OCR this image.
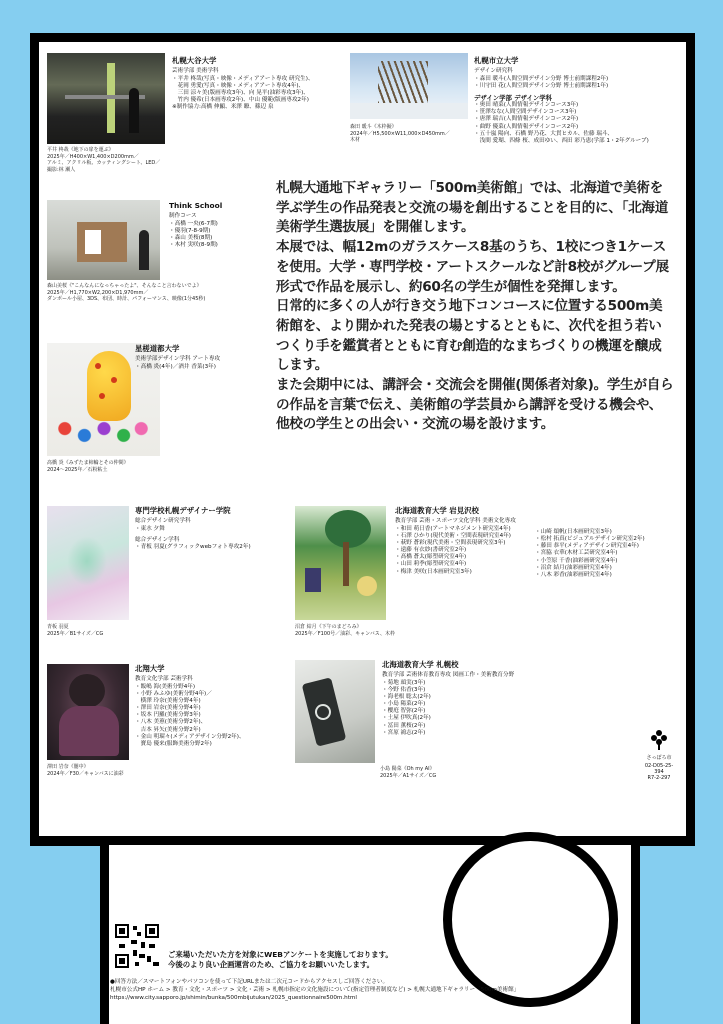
札幌大谷大学
芸術学部 美術学科
・平井 柊哉(写真・映像・メディアアート専攻 研究生)、
　花岡 勇愛(写真・映像・メディアアート専攻4年)、
　三田 涼々美(版画専攻3年)、向 晃平(油彩専攻3年)、
　竹内 優希(日本画専攻2年)、中山 優範(版画専攻2年)
※制作協力:高橋 伸顯、米澤 瞭、篠辺 泉
平井 柊哉《地下の扉を運ぶ》
2025年／H400×W1,400×D200mm／
アルミ、アクリル板、カッティングシート、LED／
撮影:林 瀬人
森田 暖斗《木枠擬》
2024年／H5,500×W11,000×D450mm／
木材
札幌市立大学
デザイン研究科
・森田 暖斗(人間空間デザイン分野 博士前期課程2年)
・川守田 花(人間空間デザイン分野 博士前期課程1年)
デザイン学部 デザイン学科
・奥田 晴菜(人間情報デザインコース3年)
・笹澤なな(人間空間デザインコース3年)
・唐澤 瑞吉(人間情報デザインコース2年)
・曲野 優菜(人間情報デザインコース2年)
・五十嵐 陽向、石橋 野乃花、大貫ヒカル、佐藤 瑞斗、
　浅間 愛瑚、四條 桜、成田ゆい、西田 彩乃恵(学部 1・2年グループ)
Think School
制作コース
・高橋 一央(6-7期)
・優羽(7-8-9期)
・森山 美桜(8期)
・木村 実咲(8-9期)
森山美桜《"こんなんになっちゃったよ"、そんなこと言わないでよ》
2025年／H1,770×W2,200×D1,970mm／
ダンボール小屋、3DS、布団、時計、パフォーマンス、映像(1分45秒)

札幌大通地下ギャラリー「500m美術館」では、北海道で美術を学ぶ学生の作品発表と交流の場を創出することを目的に、「北海道美術学生選抜展」を開催します。

本展では、幅12mのガラスケース8基のうち、1校につき1ケースを使用。大学・専門学校・アートスクールなど計8校がグループ展形式で作品を展示し、約60名の学生が個性を発揮します。

日常的に多くの人が行き交う地下コンコースに位置する500m美術館を、より開かれた発表の場とするとともに、次代を担う若いつくり手を鑑賞者とともに育む創造的なまちづくりの機運を醸成します。

また会期中には、講評会・交流会を開催(関係者対象)。学生が自らの作品を言葉で伝え、美術館の学芸員から講評を受ける機会や、他校の学生との出会い・交流の場を設けます。

星槎道都大学
美術学部デザイン学科 アート専攻
・高橋 炎(4年)／酒井 香菜(3年)
髙橋 炎《みずたま柿輪とその仲間》
2024～2025年／石粉粘土
専門学校札幌デザイナー学院
総合デザイン研究学科
・東水 夕舞
総合デザイン学科
・青板 羽夏(グラフィックwebフォト専攻2年)
青板 羽夏
2025年／B1サイズ／CG
北海道教育大学 岩見沢校
教育学部 芸術・スポーツ文化学科 美術文化専攻
・和田 萌日香(アートマネジメント研究室4年)
・石澤 ひかり(現代美術・空間表現研究室4年)
・萩野 蒼彩(現代美術・空間表現研究室3年)
・遠藤 有衣紗(書研究室2年)
・髙橋 蒼太(彫塑研究室4年)
・山田 莉季(彫塑研究室4年)
・梅津 美咲(日本画研究室3年)
・山崎 頌帆(日本画研究室3年)
・松村 拓真(ビジュアルデザイン研究室2年)
・藤田 恭平(メディアデザイン研究室4年)
・宮脇 衣華(木材工芸研究室4年)
・小笠原 千香(油彩画研究室4年)
・沼倉 結月(油彩画研究室4年)
・八木 彩香(油彩画研究室4年)
沼倉 結月《下午のまどろみ》
2025年／F100号／油彩、キャンバス、木枠
北翔大学
教育文化学部 芸術学科
・飯嶋 海(美術分野4年)
・小野 みふゆ(美術分野4年)／
　横澤 玲奈(美術分野4年)
・澤田 岩奈(美術分野4年)
・坂本 円羅(美術分野3年)
・八木 美蕙(美術分野2年)、
　吉本 昇矢(美術分野2年)
・金山 明瑠々(メディアデザイン分野2年)、
　寶島 優来(服飾美術分野2年)
澤田 岩奈《闇中》
2024年／F30／キャンバスに油彩
北海道教育大学 札幌校
教育学部 芸術体育教育専攻 図画工作・美術教育分野
・菊地 頭実(3年)
・今野 佑香(3年)
・海老根 聡太(2年)
・小島 陽菜(2年)
・櫻庭 智弥(2年)
・土屋 伊吹真(2年)
・冨田 薫桜(2年)
・宮原 鴻志(2年)
小島 陽菜《Oh my AI》
2025年／A1サイズ／CG
さっぽろ市
02-D05-25-394
R7-2-297
ご来場いただいた方を対象にWEBアンケートを実施しております。
今後のより良い企画運営のため、ご協力をお願いいたします。
●回答方法／スマートフォンやパソコンを使って下記URLまたは二次元コードからアクセスしご回答ください。
札幌市公式HP ホーム > 教育・文化・スポーツ > 文化・芸術 > 札幌市指定の文化施設について(指定管理者制度など) > 札幌大通地下ギャラリー「500m美術館」
https://www.city.sapporo.jp/shimin/bunka/500mbijutukan/2025_questionnaire500m.html
